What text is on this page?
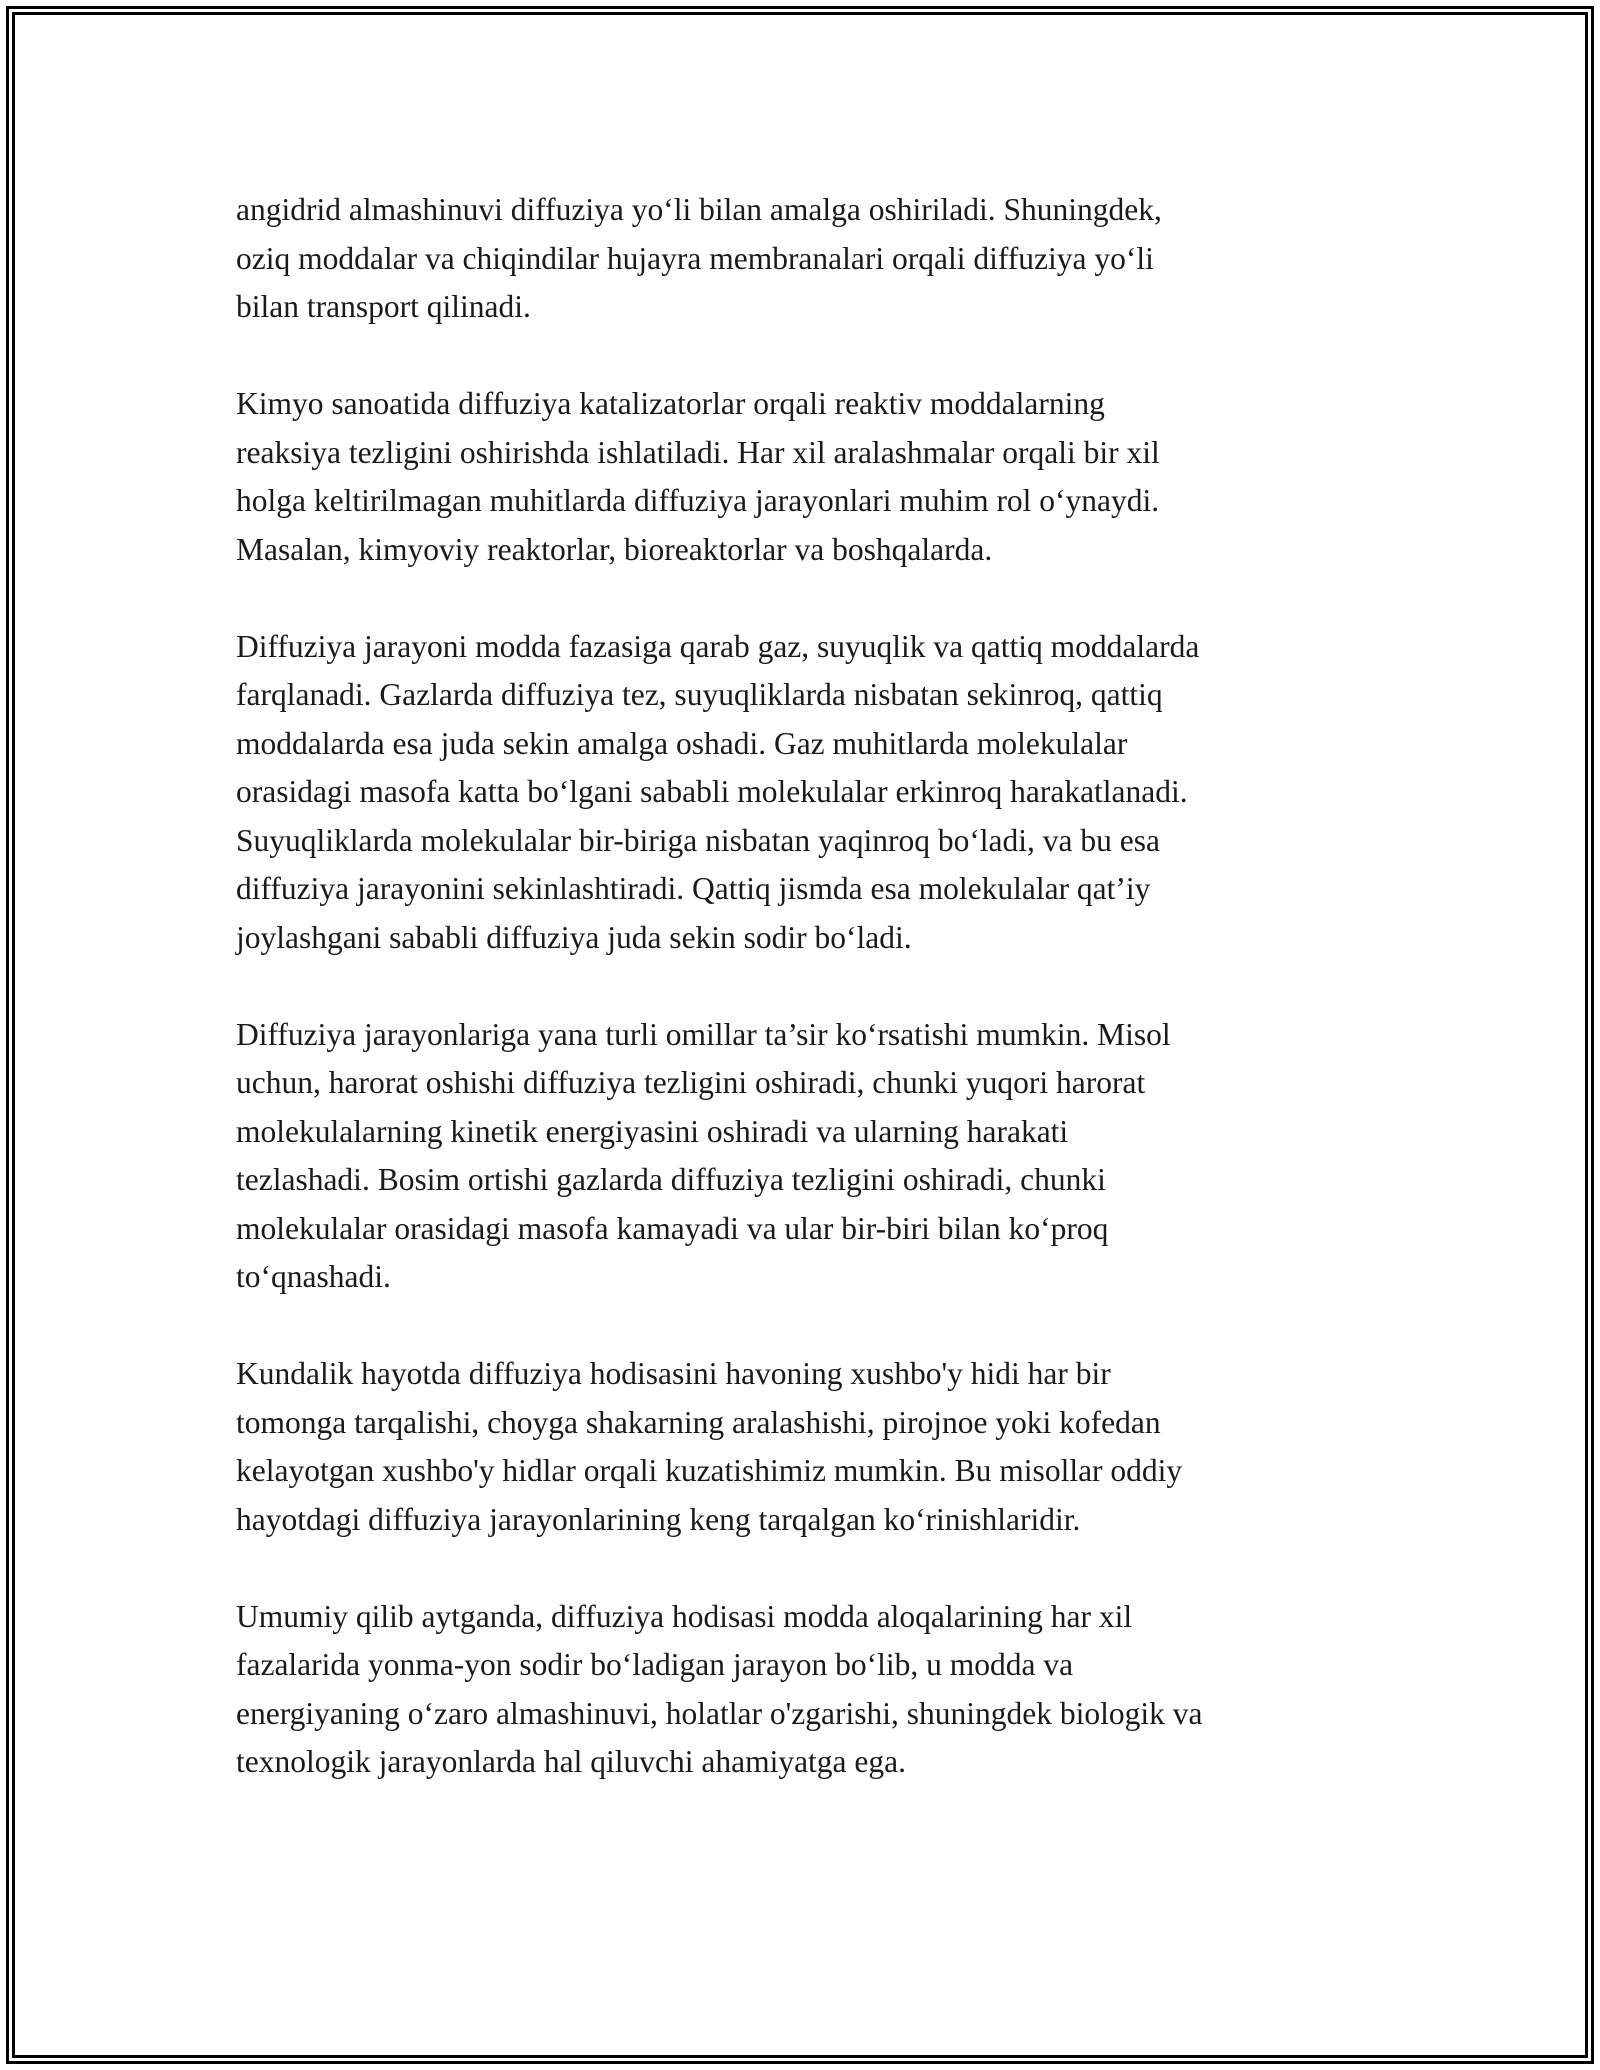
angidrid almashinuvi diffuziya yo‘li bilan amalga oshiriladi. Shuningdek,
oziq moddalar va chiqindilar hujayra membranalari orqali diffuziya yo‘li
bilan transport qilinadi.

Kimyo sanoatida diffuziya katalizatorlar orqali reaktiv moddalarning
reaksiya tezligini oshirishda ishlatiladi. Har xil aralashmalar orqali bir xil
holga keltirilmagan muhitlarda diffuziya jarayonlari muhim rol o‘ynaydi.
Masalan, kimyoviy reaktorlar, bioreaktorlar va boshqalarda.

Diffuziya jarayoni modda fazasiga qarab gaz, suyuqlik va qattiq moddalarda
farqlanadi. Gazlarda diffuziya tez, suyuqliklarda nisbatan sekinroq, qattiq
moddalarda esa juda sekin amalga oshadi. Gaz muhitlarda molekulalar
orasidagi masofa katta bo‘lgani sababli molekulalar erkinroq harakatlanadi.
Suyuqliklarda molekulalar bir-biriga nisbatan yaqinroq bo‘ladi, va bu esa
diffuziya jarayonini sekinlashtiradi. Qattiq jismda esa molekulalar qat’iy
joylashgani sababli diffuziya juda sekin sodir bo‘ladi.

Diffuziya jarayonlariga yana turli omillar ta’sir ko‘rsatishi mumkin. Misol
uchun, harorat oshishi diffuziya tezligini oshiradi, chunki yuqori harorat
molekulalarning kinetik energiyasini oshiradi va ularning harakati
tezlashadi. Bosim ortishi gazlarda diffuziya tezligini oshiradi, chunki
molekulalar orasidagi masofa kamayadi va ular bir-biri bilan ko‘proq
to‘qnashadi.

Kundalik hayotda diffuziya hodisasini havoning xushbo'y hidi har bir
tomonga tarqalishi, choyga shakarning aralashishi, pirojnoe yoki kofedan
kelayotgan xushbo'y hidlar orqali kuzatishimiz mumkin. Bu misollar oddiy
hayotdagi diffuziya jarayonlarining keng tarqalgan ko‘rinishlaridir.

Umumiy qilib aytganda, diffuziya hodisasi modda aloqalarining har xil
fazalarida yonma-yon sodir bo‘ladigan jarayon bo‘lib, u modda va
energiyaning o‘zaro almashinuvi, holatlar o'zgarishi, shuningdek biologik va
texnologik jarayonlarda hal qiluvchi ahamiyatga ega.
